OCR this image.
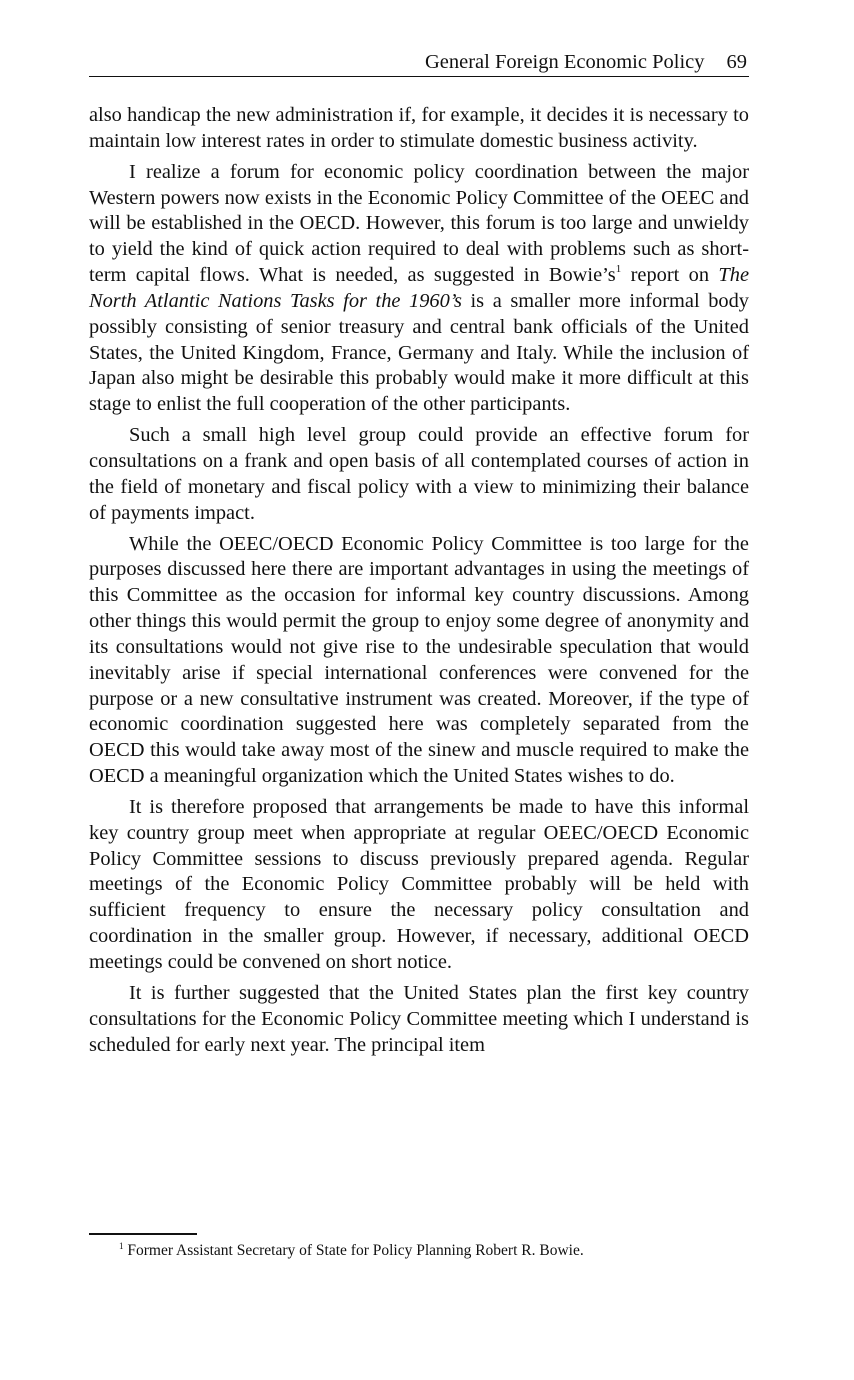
General Foreign Economic Policy 69

also handicap the new administration if, for example, it decides it is necessary to maintain low interest rates in order to stimulate domestic business activity.

I realize a forum for economic policy coordination between the major Western powers now exists in the Economic Policy Committee of the OEEC and will be established in the OECD. However, this forum is too large and unwieldy to yield the kind of quick action required to deal with problems such as short-term capital flows. What is needed, as suggested in $Bowie’s^1$ report on The North Atlantic Nations Tasks for the 1960’s is a smaller more informal body possibly consisting of senior treasury and central bank officials of the United States, the United Kingdom, France, Germany and Italy. While the inclusion of Japan also might be desirable this probably would make it more difficult at this stage to enlist the full cooperation of the other participants.

Such a small high level group could provide an effective forum for consultations on a frank and open basis of all contemplated courses of action in the field of monetary and fiscal policy with a view to minimizing their balance of payments impact.

While the OEEC/OECD Economic Policy Committee is too large for the purposes discussed here there are important advantages in using the meetings of this Committee as the occasion for informal key country discussions. Among other things this would permit the group to enjoy some degree of anonymity and its consultations would not give rise to the undesirable speculation that would inevitably arise if special international conferences were convened for the purpose or a new consultative instrument was created. Moreover, if the type of economic coordination suggested here was completely separated from the OECD this would take away most of the sinew and muscle required to make the OECD a meaningful organization which the United States wishes to do.

It is therefore proposed that arrangements be made to have this informal key country group meet when appropriate at regular OEEC/​OECD Economic Policy Committee sessions to discuss previously prepared agenda. Regular meetings of the Economic Policy Committee probably will be held with sufficient frequency to ensure the necessary policy consultation and coordination in the smaller group. However, if necessary, additional OECD meetings could be convened on short notice.

It is further suggested that the United States plan the first key country consultations for the Economic Policy Committee meeting which I understand is scheduled for early next year. The principal item

$^1$ Former Assistant Secretary of State for Policy Planning Robert R. Bowie.
